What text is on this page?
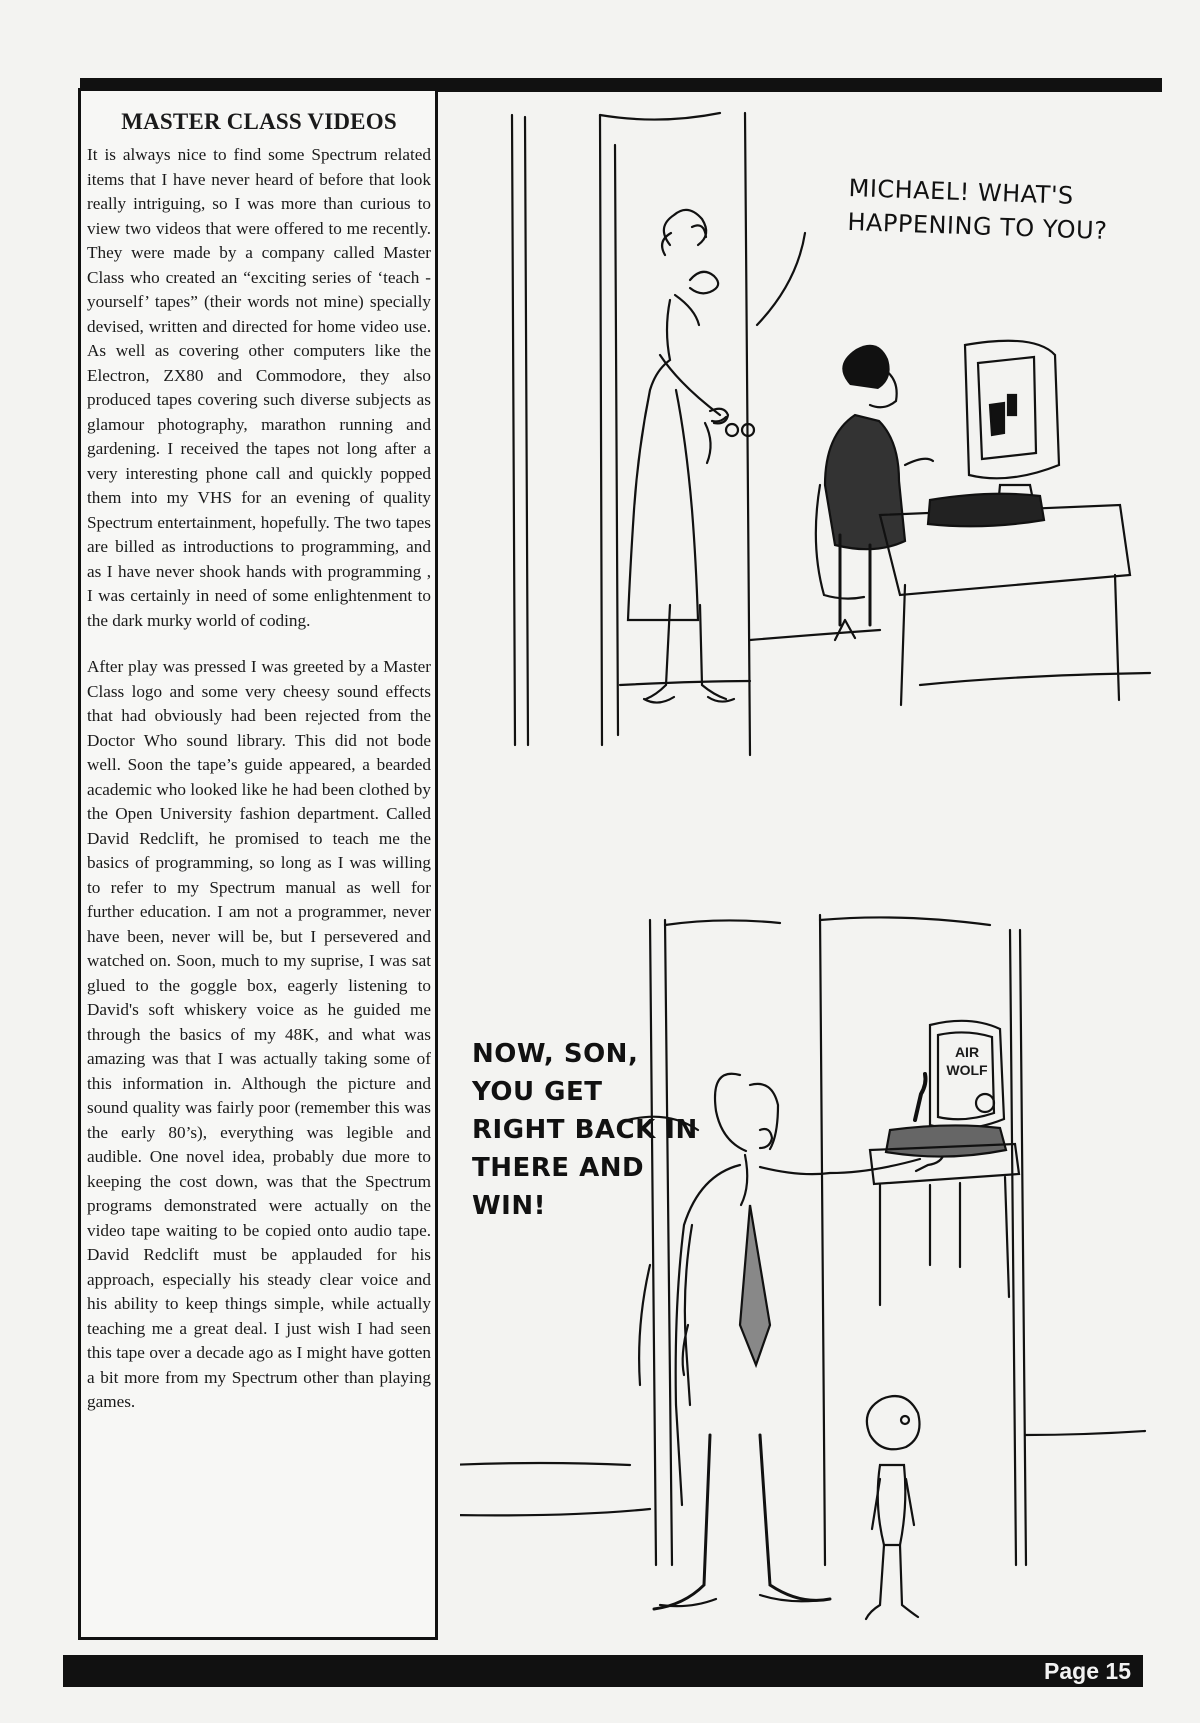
MASTER CLASS VIDEOS

It is always nice to find some Spectrum related items that I have never heard of before that look really intriguing, so I was more than curious to view two videos that were offered to me recently. They were made by a company called Master Class who created an “exciting series of ‘teach - yourself’ tapes” (their words not mine) specially devised, written and directed for home video use. As well as covering other computers like the Electron, ZX80 and Commodore, they also produced tapes covering such diverse subjects as glamour photography, marathon running and gardening. I received the tapes not long after a very interesting phone call and quickly popped them into my VHS for an evening of quality Spectrum entertainment, hopefully. The two tapes are billed as introductions to programming, and as I have never shook hands with programming , I was certainly in need of some enlightenment to the dark murky world of coding.

After play was pressed I was greeted by a Master Class logo and some very cheesy sound effects that had obviously had been rejected from the Doctor Who sound library. This did not bode well. Soon the tape’s guide appeared, a bearded academic who looked like he had been clothed by the Open University fashion department. Called David Redclift, he promised to teach me the basics of programming, so long as I was willing to refer to my Spectrum manual as well for further education. I am not a programmer, never have been, never will be, but I persevered and watched on. Soon, much to my suprise, I was sat glued to the goggle box, eagerly listening to David's soft whiskery voice as he guided me through the basics of my 48K, and what was amazing was that I was actually taking some of this information in. Although the picture and sound quality was fairly poor (remember this was the early 80’s), everything was legible and audible. One novel idea, probably due more to keeping the cost down, was that the Spectrum programs demonstrated were actually on the video tape waiting to be copied onto audio tape. David Redclift must be applauded for his approach, especially his steady clear voice and his ability to keep things simple, while actually teaching me a great deal. I just wish I had seen this tape over a decade ago as I might have gotten a bit more from my Spectrum other than playing games.

MICHAEL! WHAT'S HAPPENING TO YOU?
AIR
WOLF
NOW, SON, YOU GET RIGHT BACK IN THERE AND WIN!
Page 15
